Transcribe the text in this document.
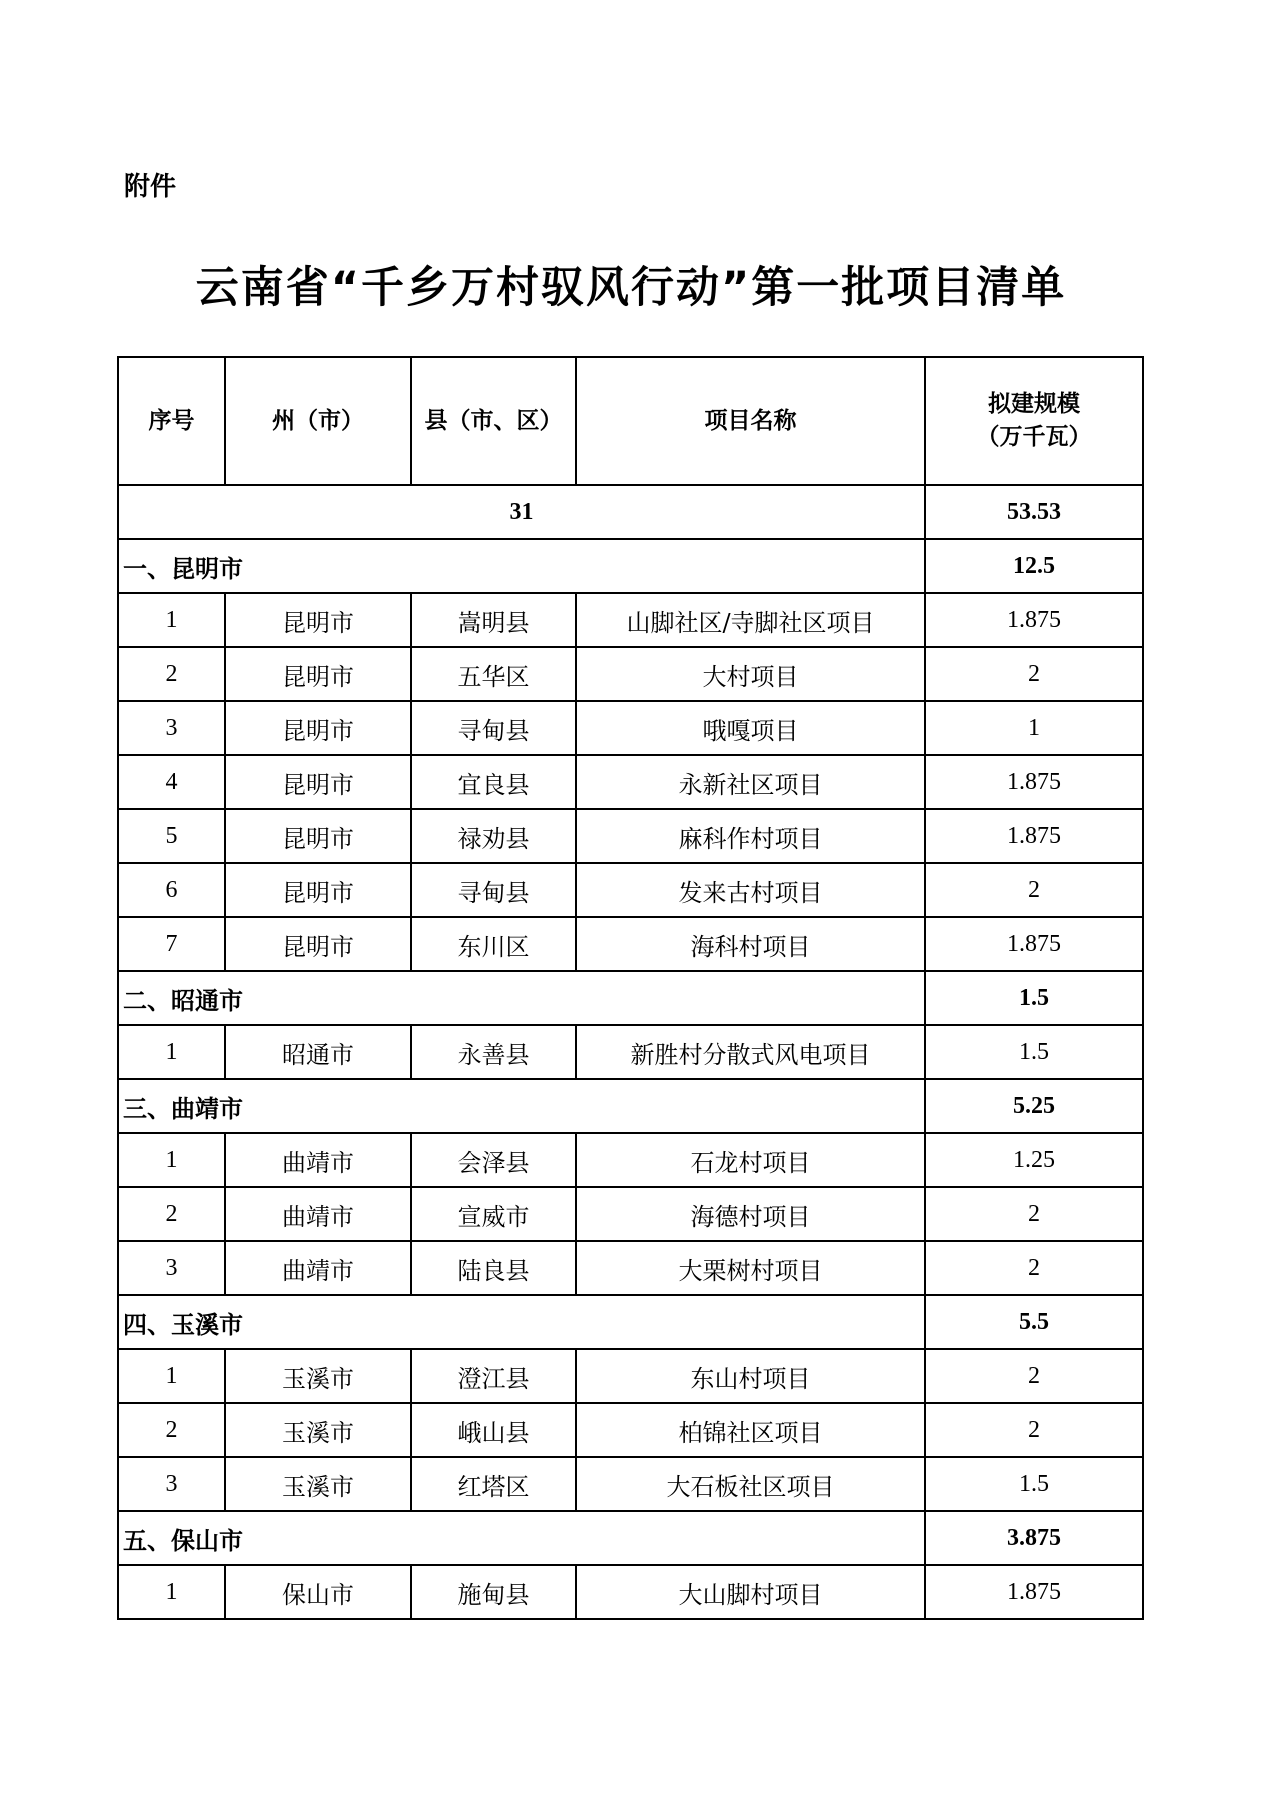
附件
云南省“千乡万村驭风行动”第一批项目清单
序号	州（市）	县（市、区）	项目名称	拟建规模
（万千瓦）

31				53.53
一、昆明市				12.5
1	昆明市	嵩明县	山脚社区/寺脚社区项目	1.875
2	昆明市	五华区	大村项目	2
3	昆明市	寻甸县	哦嘎项目	1
4	昆明市	宜良县	永新社区项目	1.875
5	昆明市	禄劝县	麻科作村项目	1.875
6	昆明市	寻甸县	发来古村项目	2
7	昆明市	东川区	海科村项目	1.875
二、昭通市				1.5
1	昭通市	永善县	新胜村分散式风电项目	1.5
三、曲靖市				5.25
1	曲靖市	会泽县	石龙村项目	1.25
2	曲靖市	宣威市	海德村项目	2
3	曲靖市	陆良县	大栗树村项目	2
四、玉溪市				5.5
1	玉溪市	澄江县	东山村项目	2
2	玉溪市	峨山县	柏锦社区项目	2
3	玉溪市	红塔区	大石板社区项目	1.5
五、保山市				3.875
1	保山市	施甸县	大山脚村项目	1.875
